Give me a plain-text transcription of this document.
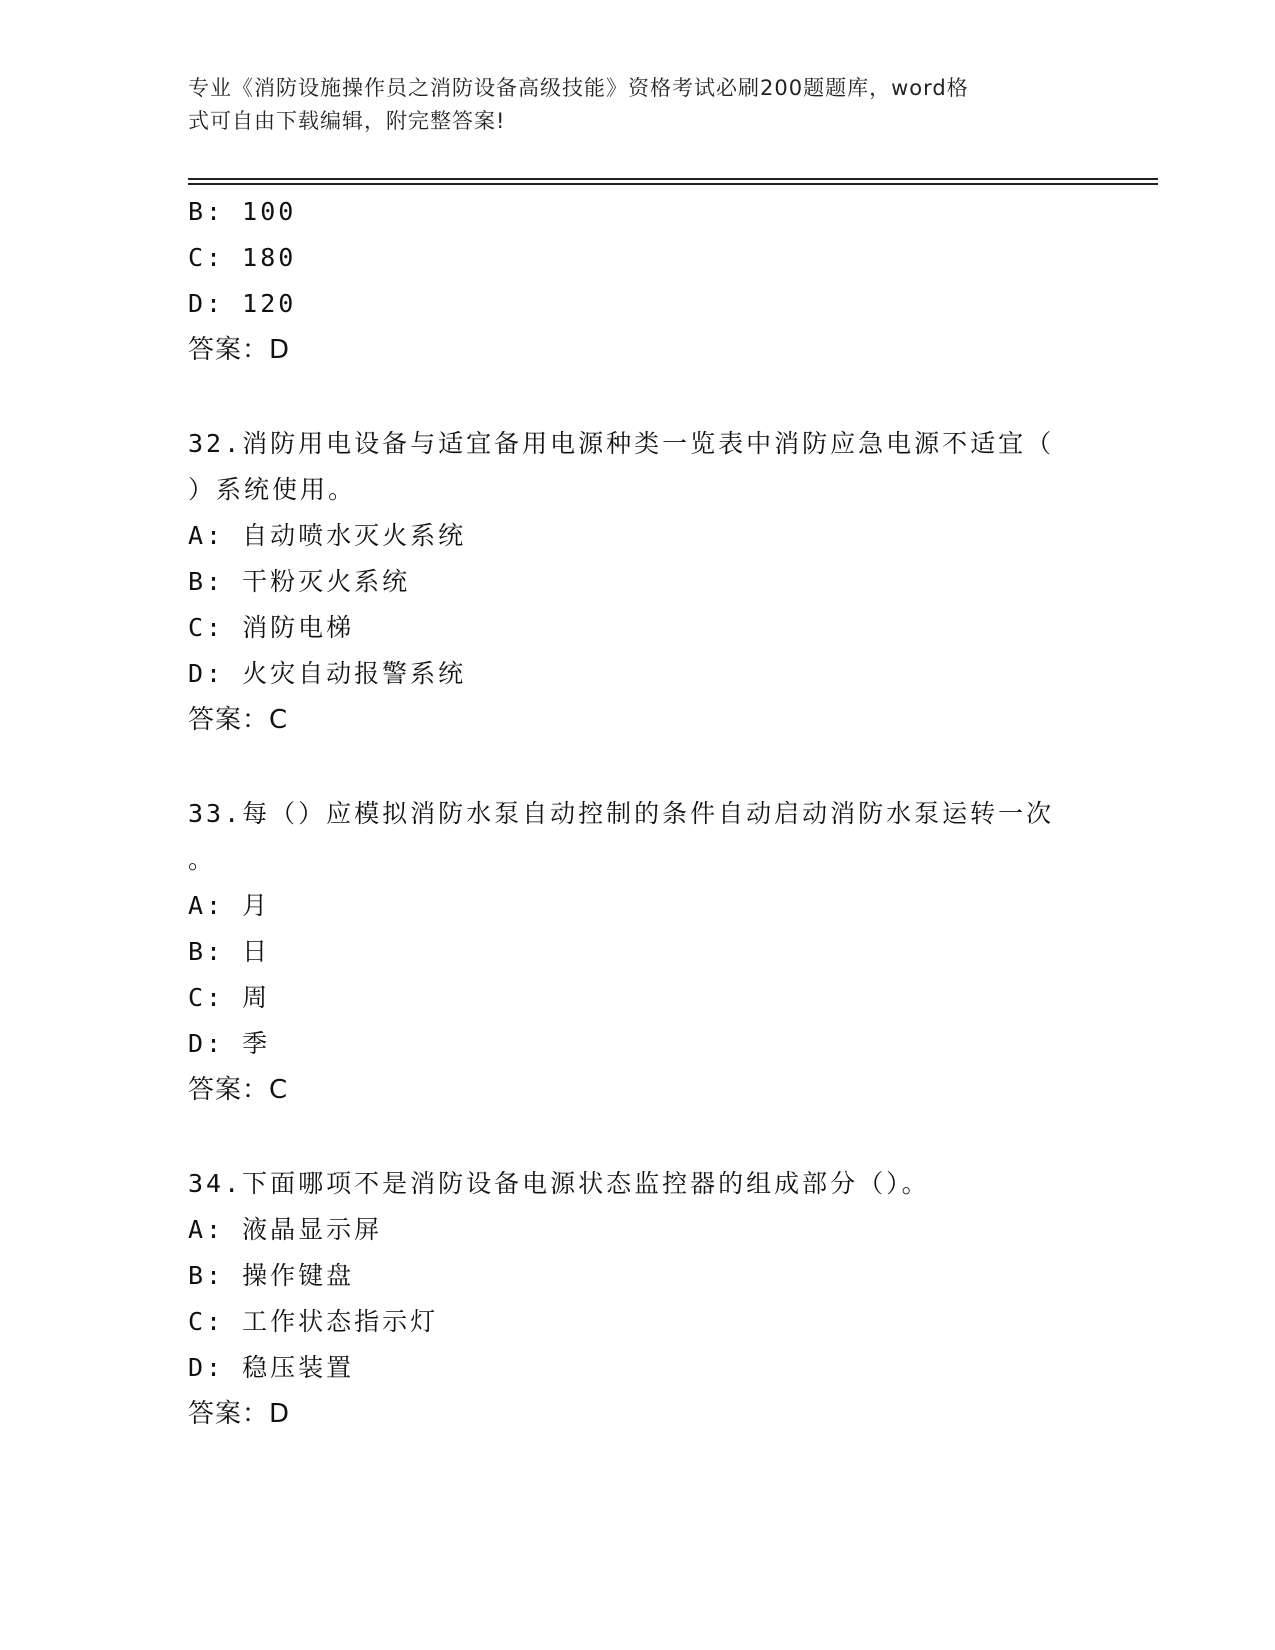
专业《消防设施操作员之消防设备高级技能》资格考试必刷200题题库，word格
式可自由下载编辑，附完整答案!
B: 100
C: 180
D: 120
答案：D
32.消防用电设备与适宜备用电源种类一览表中消防应急电源不适宜（
）系统使用。
A: 自动喷水灭火系统
B: 干粉灭火系统
C: 消防电梯
D: 火灾自动报警系统
答案：C
33.每（）应模拟消防水泵自动控制的条件自动启动消防水泵运转一次
。
A: 月
B: 日
C: 周
D: 季
答案：C
34.下面哪项不是消防设备电源状态监控器的组成部分（）。
A: 液晶显示屏
B: 操作键盘
C: 工作状态指示灯
D: 稳压装置
答案：D
